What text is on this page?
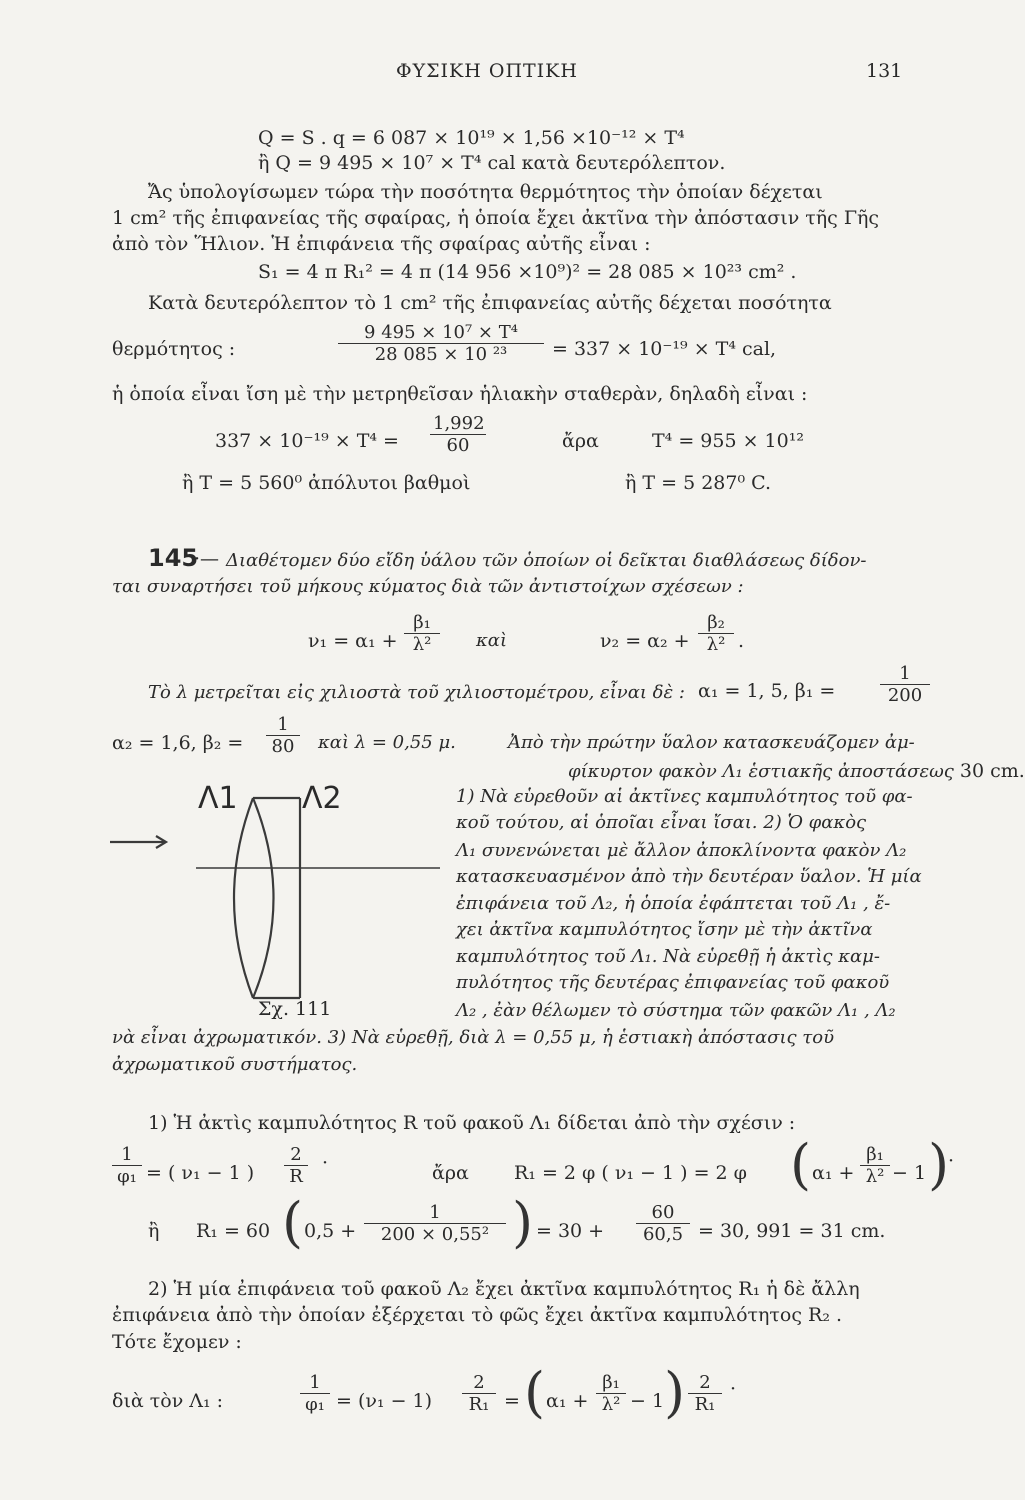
ΦΥΣΙΚΗ ΟΠΤΙΚΗ	131
Q = S . q = 6 087 × 10¹⁹ × 1,56 ×10⁻¹² × T⁴
ἢ Q = 9 495 × 10⁷ × T⁴ cal κατὰ δευτερόλεπτον.
Ἄς ὑπολογίσωμεν τώρα τὴν ποσότητα θερμότητος τὴν ὁποίαν δέχεται
1 cm² τῆς ἐπιφανείας τῆς σφαίρας, ἡ ὁποία ἔχει ἀκτῖνα τὴν ἀπόστασιν τῆς Γῆς
ἀπὸ τὸν Ἥλιον. Ἡ ἐπιφάνεια τῆς σφαίρας αὐτῆς εἶναι :
S₁ = 4 π R₁² = 4 π (14 956 ×10⁹)² = 28 085 × 10²³ cm² .
Κατὰ δευτερόλεπτον τὸ 1 cm² τῆς ἐπιφανείας αὐτῆς δέχεται ποσότητα
θερμότητος :	$\frac{\text{9 495 × 10⁷ × T⁴}}{\text{28 085 × 10 ²³}} = 337 \times 10^{-19} \times T^4$ cal,
ἡ ὁποία εἶναι ἴση μὲ τὴν μετρηθεῖσαν ἡλιακὴν σταθερὰν, δηλαδὴ εἶναι :
$337 \times 10^{-19} \times T^4 = \frac{1,992}{60}$	ἄρα	T⁴ = 955 × 10¹²
ἢ T = 5 560⁰ ἀπόλυτοι βαθμοὶ	ἢ T = 5 287⁰ C.
145
·— Διαθέτομεν δύο εἴδη ὑάλου τῶν ὁποίων οἱ δεῖκται διαθλάσεως δίδον-
ται συναρτήσει τοῦ μήκους κύματος διὰ τῶν ἀντιστοίχων σχέσεων :
$\nu_1 = \alpha_1 + \frac{\text{β₁}}{\text{λ²}}$ καὶ	$\nu_2 = \alpha_2 + \frac{\text{β₂}}{\text{λ²}}$ .
Τὸ λ μετρεῖται εἰς χιλιοστὰ τοῦ χιλιοστομέτρου, εἶναι δὲ : α₁ = 1, 5, $\beta_1 = \frac{1}{200}$
α₂ = 1,6, $\beta_2 = \frac{1}{80}$ καὶ λ = 0,55 μ.	Ἀπὸ τὴν πρώτην ὕαλον κατασκευάζομεν ἀμ-
φίκυρτον φακὸν Λ₁ ἑστιακῆς ἀποστάσεως 30 cm.
1) Νὰ εὑρεθοῦν αἱ ἀκτῖνες καμπυλότητος τοῦ φα-
κοῦ τούτου, αἱ ὁποῖαι εἶναι ἴσαι. 2) Ὁ φακὸς
Λ₁ συνενώνεται μὲ ἄλλον ἀποκλίνοντα φακὸν Λ₂
κατασκευασμένον ἀπὸ τὴν δευτέραν ὕαλον. Ἡ μία
ἐπιφάνεια τοῦ Λ₂, ἡ ὁποία ἐφάπτεται τοῦ Λ₁ , ἔ-
χει ἀκτῖνα καμπυλότητος ἴσην μὲ τὴν ἀκτῖνα
καμπυλότητος τοῦ Λ₁. Νὰ εὑρεθῇ ἡ ἀκτὶς καμ-
πυλότητος τῆς δευτέρας ἐπιφανείας τοῦ φακοῦ
Λ₂ , ἐὰν θέλωμεν τὸ σύστημα τῶν φακῶν Λ₁ , Λ₂
νὰ εἶναι ἀχρωματικόν. 3) Νὰ εὑρεθῇ, διὰ λ = 0,55 μ, ἡ ἑστιακὴ ἀπόστασις τοῦ
ἀχρωματικοῦ συστήματος.
Λ1 Λ2
Σχ. 111
1) Ἡ ἀκτὶς καμπυλότητος R τοῦ φακοῦ Λ₁ δίδεται ἀπὸ τὴν σχέσιν :
$\frac{1}{\text{φ₁}}$ = ( ν₁ − 1 ) $\frac{2}{R}$ ·	ἄρα R₁ = 2 φ ( ν₁ − 1 ) = 2 φ ( $\alpha_1 + \frac{\text{β₁}}{\text{λ²}} - 1$ )
·
ἢ R₁ = 60 ( $0,5 + \frac{1}{\text{200 × 0,55²}}$ ) = $30 + \frac{60}{60,5} = 30$, 991 = 31 cm.
2) Ἡ μία ἐπιφάνεια τοῦ φακοῦ Λ₂ ἔχει ἀκτῖνα καμπυλότητος R₁ ἡ δὲ ἄλλη
ἐπιφάνεια ἀπὸ τὴν ὁποίαν ἐξέρχεται τὸ φῶς ἔχει ἀκτῖνα καμπυλότητος R₂ .
Τότε ἔχομεν :
διὰ τὸν Λ₁ :	$\frac{1}{\text{φ₁}} = (\nu_1 - 1) \frac{2}{\text{R₁}}$ = ( $\alpha_1 + \frac{\text{β₁}}{\text{λ²}} - 1$ ) $\frac{2}{\text{R₁}}$ ·
